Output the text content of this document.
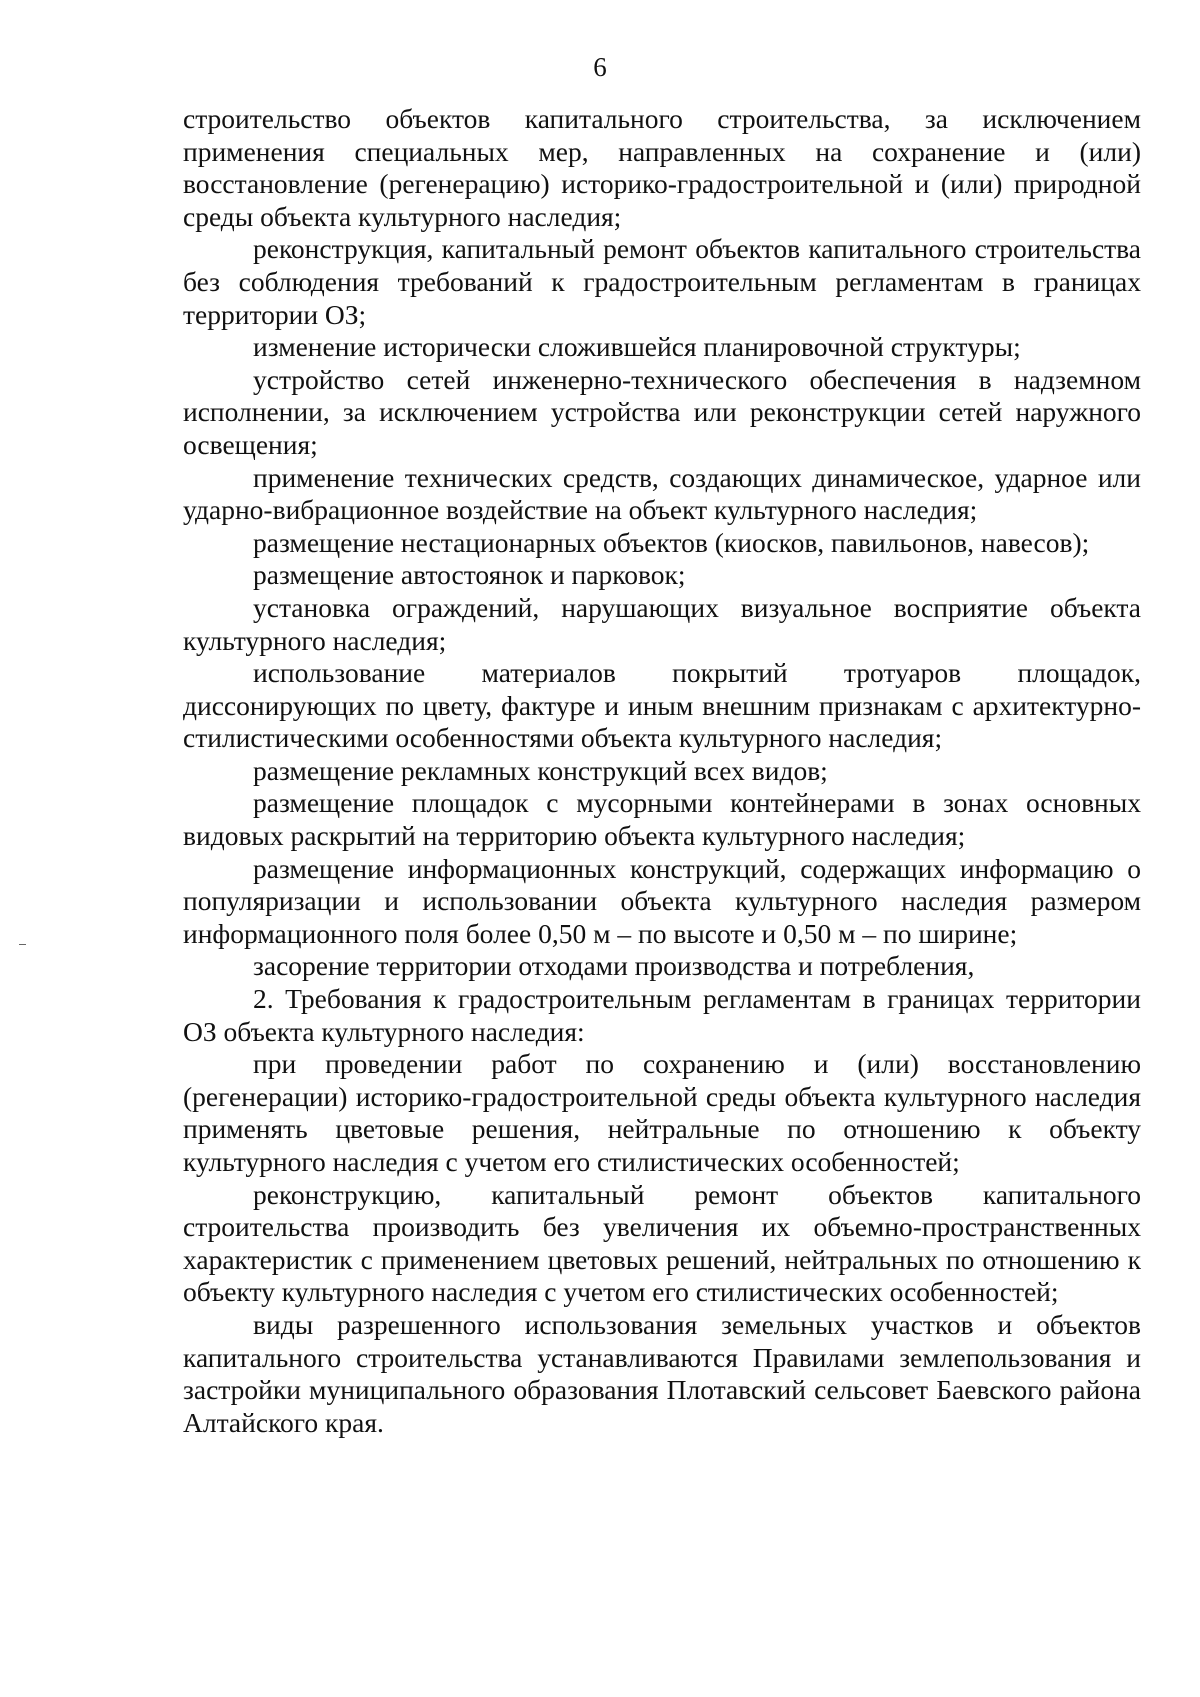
6

строительство объектов капитального строительства, за исключением применения специальных мер, направленных на сохранение и (или) восстановление (регенерацию) историко-градостроительной и (или) природной среды объекта культурного наследия;

реконструкция, капитальный ремонт объектов капитального строительства без соблюдения требований к градостроительным регламентам в границах территории ОЗ;

изменение исторически сложившейся планировочной структуры;

устройство сетей инженерно-технического обеспечения в надземном исполнении, за исключением устройства или реконструкции сетей наружного освещения;

применение технических средств, создающих динамическое, ударное или ударно-вибрационное воздействие на объект культурного наследия;

размещение нестационарных объектов (киосков, павильонов, навесов);

размещение автостоянок и парковок;

установка ограждений, нарушающих визуальное восприятие объекта культурного наследия;

использование материалов покрытий тротуаров площадок, диссонирующих по цвету, фактуре и иным внешним признакам с архитектурно-стилистическими особенностями объекта культурного наследия;

размещение рекламных конструкций всех видов;

размещение площадок с мусорными контейнерами в зонах основных видовых раскрытий на территорию объекта культурного наследия;

размещение информационных конструкций, содержащих информацию о популяризации и использовании объекта культурного наследия размером информационного поля более 0,50 м – по высоте и 0,50 м – по ширине;

засорение территории отходами производства и потребления,

2. Требования к градостроительным регламентам в границах территории ОЗ объекта культурного наследия:

при проведении работ по сохранению и (или) восстановлению (регенерации) историко-градостроительной среды объекта культурного наследия применять цветовые решения, нейтральные по отношению к объекту культурного наследия с учетом его стилистических особенностей;

реконструкцию, капитальный ремонт объектов капитального строительства производить без увеличения их объемно-пространственных характеристик с применением цветовых решений, нейтральных по отношению к объекту культурного наследия с учетом его стилистических особенностей;

виды разрешенного использования земельных участков и объектов капитального строительства устанавливаются Правилами землепользования и застройки муниципального образования Плотавский сельсовет Баевского района Алтайского края.
